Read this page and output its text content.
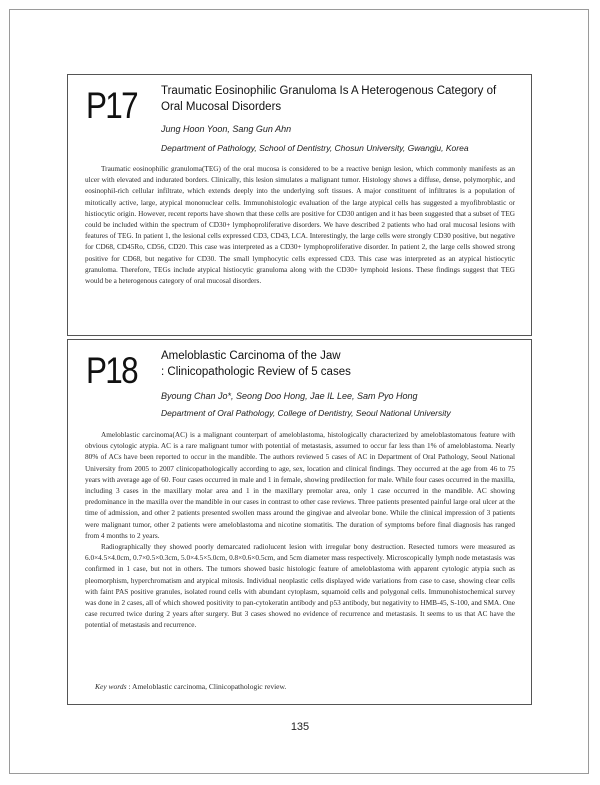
P17 Traumatic Eosinophilic Granuloma Is A Heterogenous Category of Oral Mucosal Disorders
Jung Hoon Yoon, Sang Gun Ahn
Department of Pathology, School of Dentistry, Chosun University, Gwangju, Korea

Traumatic eosinophilic granuloma(TEG) of the oral mucosa is considered to be a reactive benign lesion, which commonly manifests as an ulcer with elevated and indurated borders. Clinically, this lesion simulates a malignant tumor. Histology shows a diffuse, dense, polymorphic, and eosinophil-rich cellular infiltrate, which extends deeply into the underlying soft tissues. A major constituent of infiltrates is a population of mitotically active, large, atypical mononuclear cells. Immunohistologic evaluation of the large atypical cells has suggested a myofibroblastic or histiocytic origin. However, recent reports have shown that these cells are positive for CD30 antigen and it has been suggested that a subset of TEG could be included within the spectrum of CD30+ lymphoproliferative disorders. We have described 2 patients who had oral mucosal lesions with features of TEG. In patient 1, the lesional cells expressed CD3, CD43, LCA. Interestingly, the large cells were strongly CD30 positive, but negative for CD68, CD45Ro, CD56, CD20. This case was interpreted as a CD30+ lymphoproliferative disorder. In patient 2, the large cells showed strong positive for CD68, but negative for CD30. The small lymphocytic cells expressed CD3. This case was interpreted as an atypical histiocytic granuloma. Therefore, TEGs include atypical histiocytic granuloma along with the CD30+ lymphoid lesions. These findings suggest that TEG would be a heterogenous category of oral mucosal disorders.

P18 Ameloblastic Carcinoma of the Jaw
: Clinicopathologic Review of 5 cases
Byoung Chan Jo*, Seong Doo Hong, Jae IL Lee, Sam Pyo Hong
Department of Oral Pathology, College of Dentistry, Seoul National University

Ameloblastic carcinoma(AC) is a malignant counterpart of ameloblastoma, histologically characterized by ameloblastomatous feature with obvious cytologic atypia. AC is a rare malignant tumor with potential of metastasis, assumed to occur far less than 1% of ameloblastoma. Nearly 80% of ACs have been reported to occur in the mandible. The authors reviewed 5 cases of AC in Department of Oral Pathology, Seoul National University from 2005 to 2007 clinicopathologically according to age, sex, location and clinical findings. They occurred at the age from 46 to 75 years with average age of 60. Four cases occurred in male and 1 in female, showing predilection for male. While four cases occurred in the maxilla, including 3 cases in the maxillary molar area and 1 in the maxillary premolar area, only 1 case occurred in the mandible. AC showing predominance in the maxilla over the mandible in our cases in contrast to other case reviews. Three patients presented painful large oral ulcer at the time of admission, and other 2 patients presented swollen mass around the gingivae and alveolar bone. While the clinical impression of 3 patients were malignant tumor, other 2 patients were ameloblastoma and nicotine stomatitis. The duration of symptoms before final diagnosis has ranged from 4 months to 2 years.

Radiographically they showed poorly demarcated radiolucent lesion with irregular bony destruction. Resected tumors were measured as 6.0×4.5×4.0cm, 0.7×0.5×0.3cm, 5.0×4.5×5.0cm, 0.8×0.6×0.5cm, and 5cm diameter mass respectively. Microscopically lymph node metastasis was confirmed in 1 case, but not in others. The tumors showed basic histologic feature of ameloblastoma with apparent cytologic atypia such as pleomorphism, hyperchromatism and atypical mitosis. Individual neoplastic cells displayed wide variations from case to case, showing clear cells with faint PAS positive granules, isolated round cells with abundant cytoplasm, squamoid cells and polygonal cells. Immunohistochemical survey was done in 2 cases, all of which showed positivity to pan-cytokeratin antibody and p53 antibody, but negativity to HMB-45, S-100, and SMA. One case recurred twice during 2 years after surgery. But 3 cases showed no evidence of recurrence and metastasis. It seems to us that AC have the potential of metastasis and recurrence.

Key words : Ameloblastic carcinoma, Clinicopathologic review.
135
